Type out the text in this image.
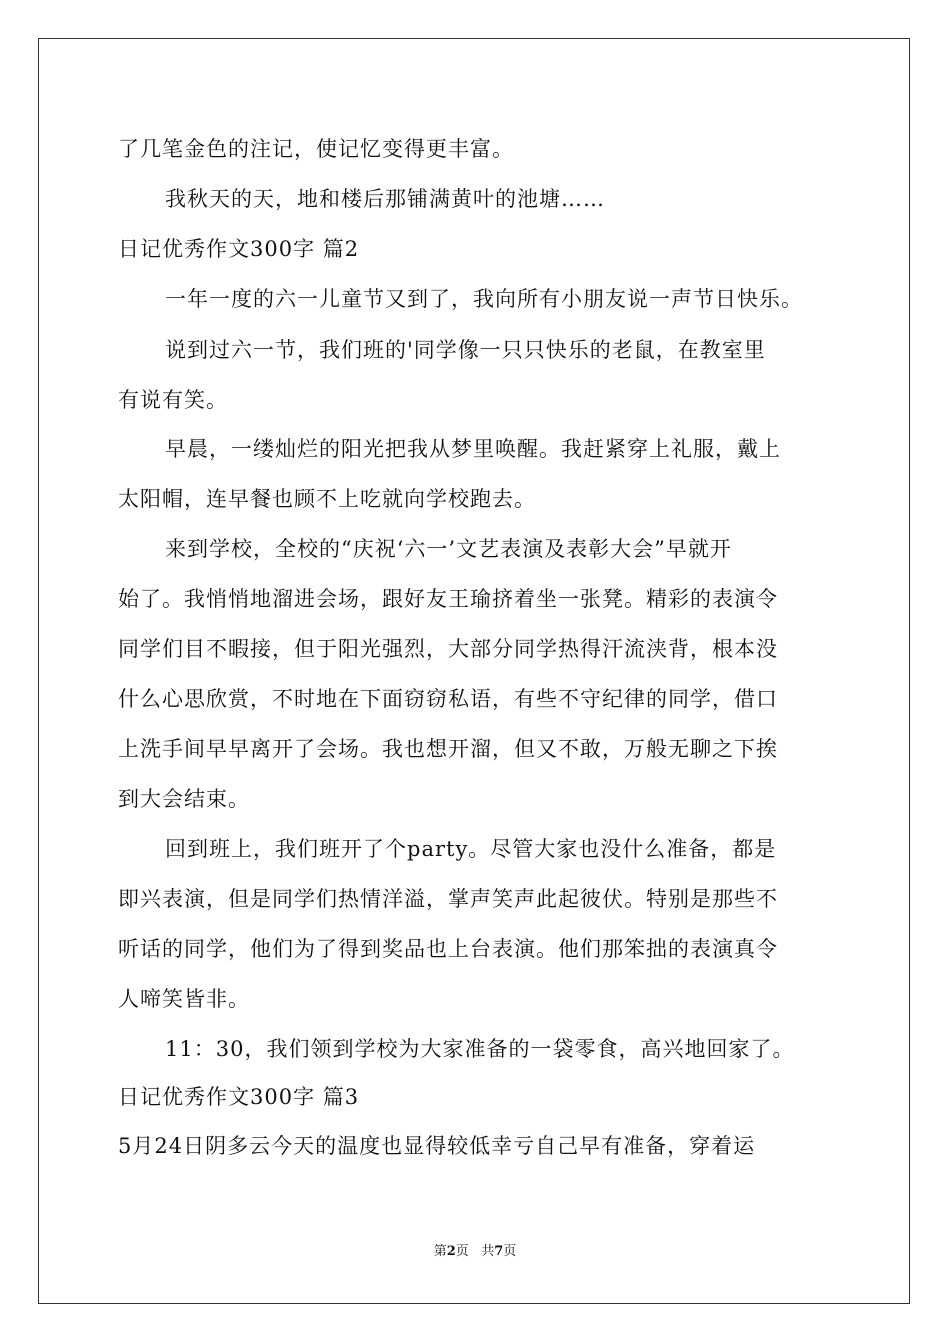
了几笔金色的注记，使记忆变得更丰富。
我秋天的天，地和楼后那铺满黄叶的池塘……
日记优秀作文300字 篇2
一年一度的六一儿童节又到了，我向所有小朋友说一声节日快乐。
说到过六一节，我们班的'同学像一只只快乐的老鼠，在教室里
有说有笑。
早晨，一缕灿烂的阳光把我从梦里唤醒。我赶紧穿上礼服，戴上
太阳帽，连早餐也顾不上吃就向学校跑去。
来到学校，全校的“庆祝‘六一’文艺表演及表彰大会”早就开
始了。我悄悄地溜进会场，跟好友王瑜挤着坐一张凳。精彩的表演令
同学们目不暇接，但于阳光强烈，大部分同学热得汗流浃背，根本没
什么心思欣赏，不时地在下面窃窃私语，有些不守纪律的同学，借口
上洗手间早早离开了会场。我也想开溜，但又不敢，万般无聊之下挨
到大会结束。
回到班上，我们班开了个party。尽管大家也没什么准备，都是
即兴表演，但是同学们热情洋溢，掌声笑声此起彼伏。特别是那些不
听话的同学，他们为了得到奖品也上台表演。他们那笨拙的表演真令
人啼笑皆非。
11：30，我们领到学校为大家准备的一袋零食，高兴地回家了。
日记优秀作文300字 篇3
5月24日阴多云今天的温度也显得较低幸亏自己早有准备，穿着运
第2页 共7页
